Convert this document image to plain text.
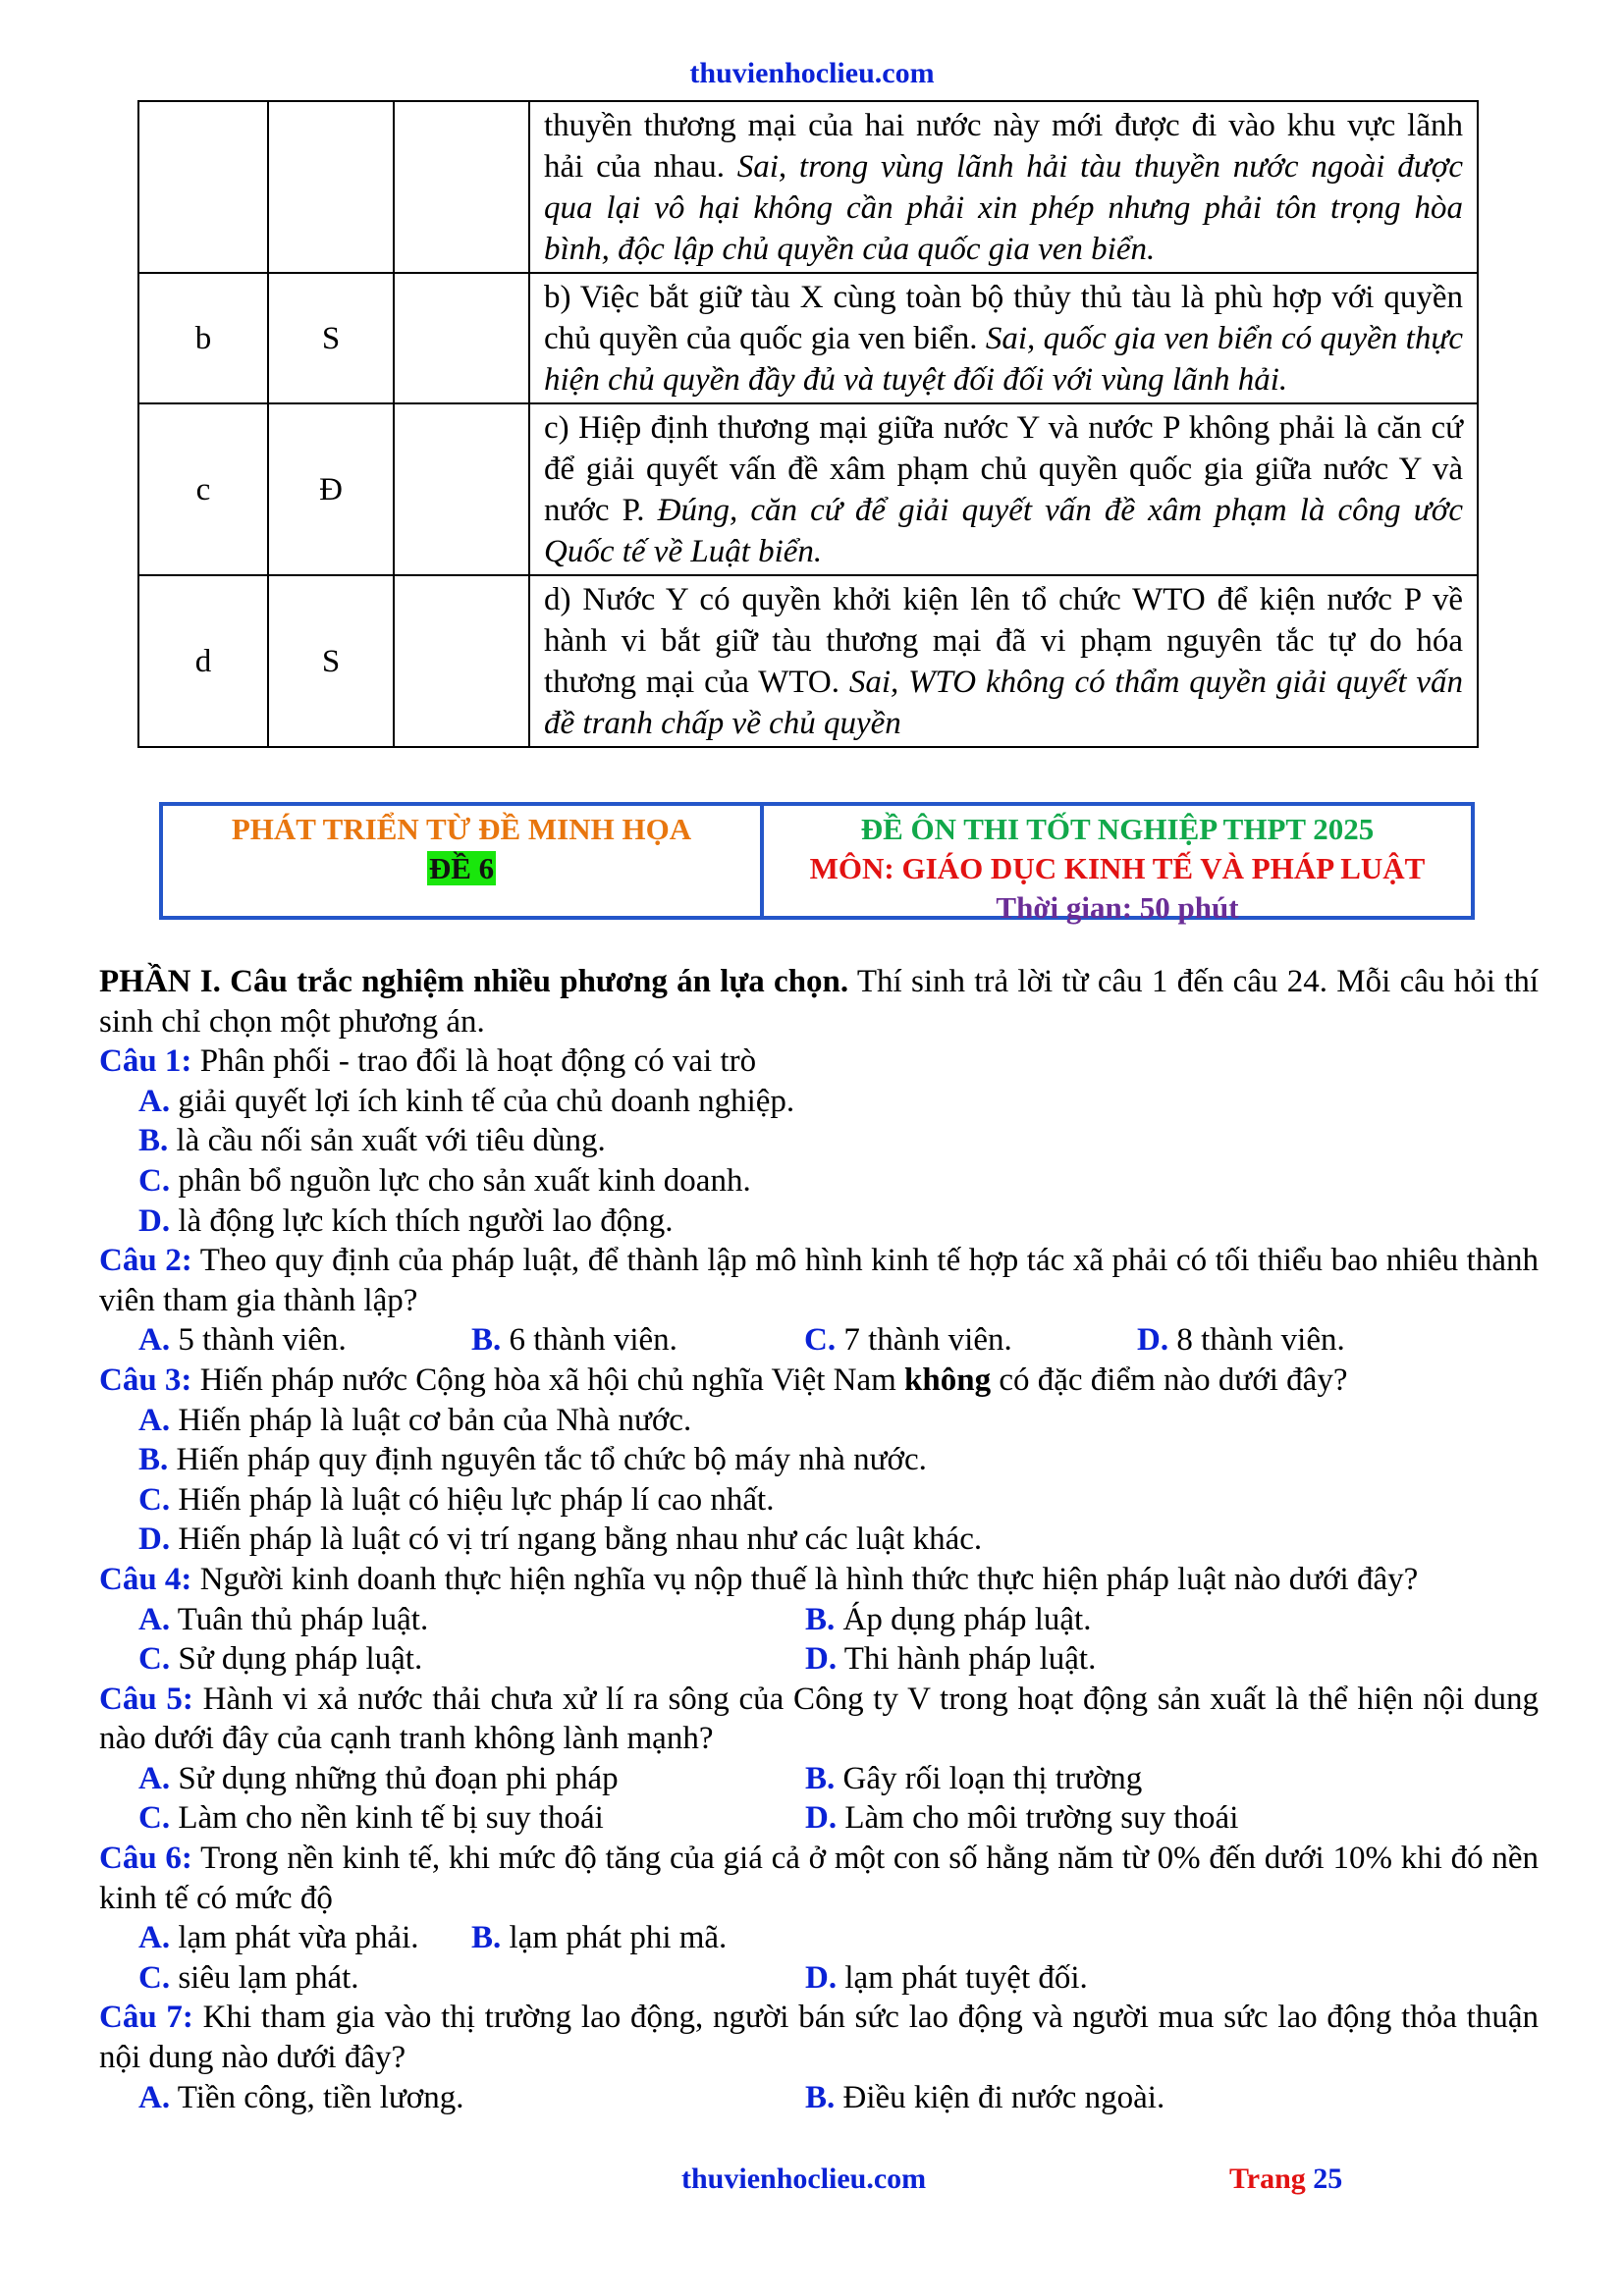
thuvienhoclieu.com
			thuyền thương mại của hai nước này mới được đi vào khu vực lãnh hải của nhau. Sai, trong vùng lãnh hải tàu thuyền nước ngoài được qua lại vô hại không cần phải xin phép nhưng phải tôn trọng hòa bình, độc lập chủ quyền của quốc gia ven biển.
b	S		b) Việc bắt giữ tàu X cùng toàn bộ thủy thủ tàu là phù hợp với quyền chủ quyền của quốc gia ven biển. Sai, quốc gia ven biển có quyền thực hiện chủ quyền đầy đủ và tuyệt đối đối với vùng lãnh hải.
c	Đ		c) Hiệp định thương mại giữa nước Y và nước P không phải là căn cứ để giải quyết vấn đề xâm phạm chủ quyền quốc gia giữa nước Y và nước P. Đúng, căn cứ để giải quyết vấn đề xâm phạm là công ước Quốc tế về Luật biển.
d	S		d) Nước Y có quyền khởi kiện lên tổ chức WTO để kiện nước P về hành vi bắt giữ tàu thương mại đã vi phạm nguyên tắc tự do hóa thương mại của WTO. Sai, WTO không có thẩm quyền giải quyết vấn đề tranh chấp về chủ quyền
PHÁT TRIỂN TỪ ĐỀ MINH HỌA
ĐỀ 6
ĐỀ ÔN THI TỐT NGHIỆP THPT 2025
MÔN: GIÁO DỤC KINH TẾ VÀ PHÁP LUẬT
Thời gian: 50 phút

PHẦN I. Câu trắc nghiệm nhiều phương án lựa chọn. Thí sinh trả lời từ câu 1 đến câu 24. Mỗi câu hỏi thí sinh chỉ chọn một phương án.

Câu 1: Phân phối - trao đổi là hoạt động có vai trò

A. giải quyết lợi ích kinh tế của chủ doanh nghiệp.

B. là cầu nối sản xuất với tiêu dùng.

C. phân bổ nguồn lực cho sản xuất kinh doanh.

D. là động lực kích thích người lao động.

Câu 2: Theo quy định của pháp luật, để thành lập mô hình kinh tế hợp tác xã phải có tối thiểu bao nhiêu thành viên tham gia thành lập?

A. 5 thành viên.	B. 6 thành viên.	C. 7 thành viên.	D. 8 thành viên.

Câu 3: Hiến pháp nước Cộng hòa xã hội chủ nghĩa Việt Nam không có đặc điểm nào dưới đây?

A. Hiến pháp là luật cơ bản của Nhà nước.

B. Hiến pháp quy định nguyên tắc tổ chức bộ máy nhà nước.

C. Hiến pháp là luật có hiệu lực pháp lí cao nhất.

D. Hiến pháp là luật có vị trí ngang bằng nhau như các luật khác.

Câu 4: Người kinh doanh thực hiện nghĩa vụ nộp thuế là hình thức thực hiện pháp luật nào dưới đây?

A. Tuân thủ pháp luật.	B. Áp dụng pháp luật.
C. Sử dụng pháp luật.	D. Thi hành pháp luật.

Câu 5: Hành vi xả nước thải chưa xử lí ra sông của Công ty V trong hoạt động sản xuất là thể hiện nội dung nào dưới đây của cạnh tranh không lành mạnh?

A. Sử dụng những thủ đoạn phi pháp	B. Gây rối loạn thị trường
C. Làm cho nền kinh tế bị suy thoái	D. Làm cho môi trường suy thoái

Câu 6: Trong nền kinh tế, khi mức độ tăng của giá cả ở một con số hằng năm từ 0% đến dưới 10% khi đó nền kinh tế có mức độ

A. lạm phát vừa phải.	B. lạm phát phi mã.
C. siêu lạm phát.	D. lạm phát tuyệt đối.

Câu 7: Khi tham gia vào thị trường lao động, người bán sức lao động và người mua sức lao động thỏa thuận nội dung nào dưới đây?

A. Tiền công, tiền lương.	B. Điều kiện đi nước ngoài.
thuvienhoclieu.com	Trang 25
